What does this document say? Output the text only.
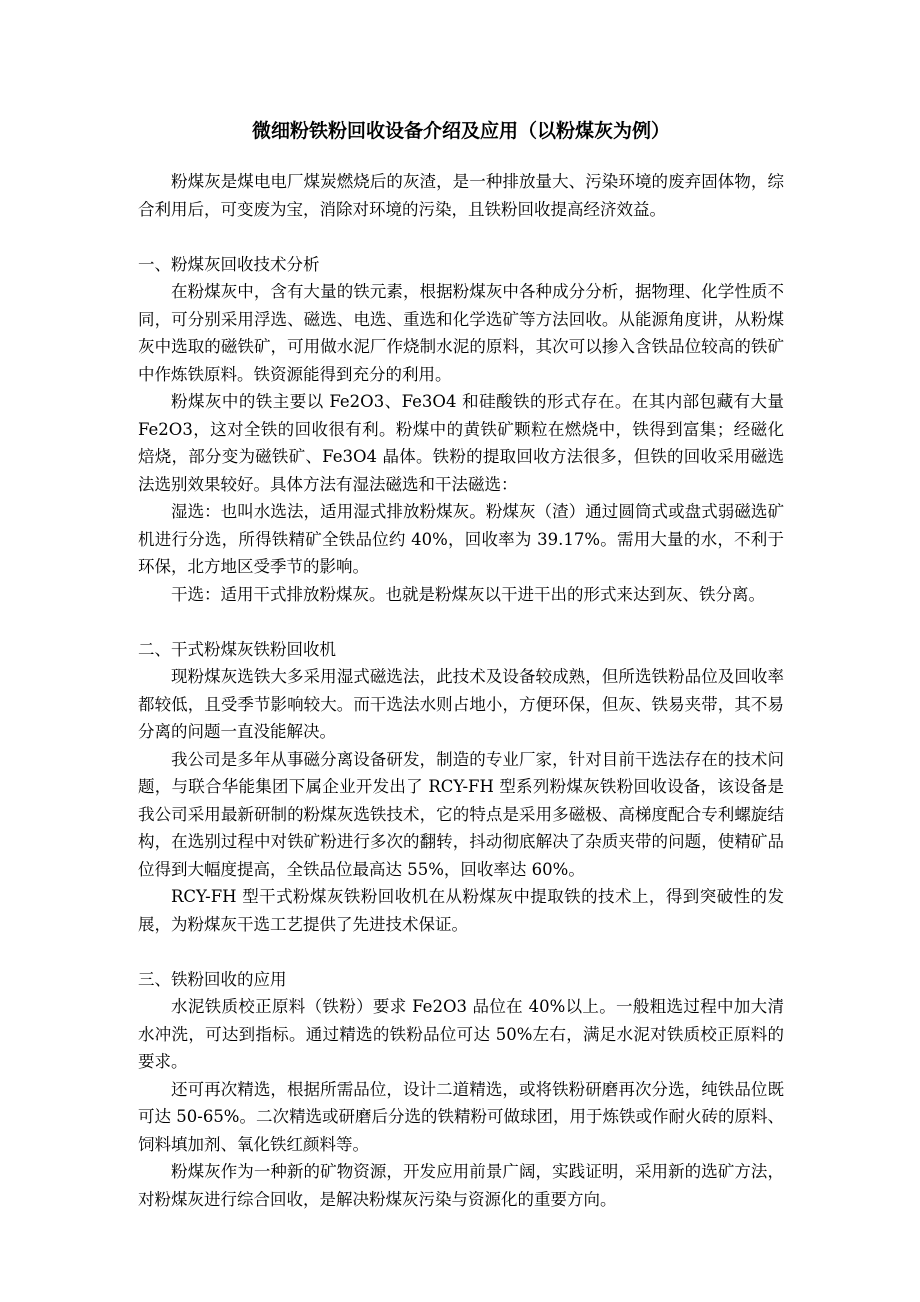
微细粉铁粉回收设备介绍及应用（以粉煤灰为例）

粉煤灰是煤电电厂煤炭燃烧后的灰渣，是一种排放量大、污染环境的废弃固体物，综合利用后，可变废为宝，消除对环境的污染，且铁粉回收提高经济效益。

一、粉煤灰回收技术分析

在粉煤灰中，含有大量的铁元素，根据粉煤灰中各种成分分析，据物理、化学性质不同，可分别采用浮选、磁选、电选、重选和化学选矿等方法回收。从能源角度讲，从粉煤灰中选取的磁铁矿，可用做水泥厂作烧制水泥的原料，其次可以掺入含铁品位较高的铁矿中作炼铁原料。铁资源能得到充分的利用。

粉煤灰中的铁主要以 Fe2O3、Fe3O4 和硅酸铁的形式存在。在其内部包藏有大量 Fe2O3，这对全铁的回收很有利。粉煤中的黄铁矿颗粒在燃烧中，铁得到富集；经磁化焙烧，部分变为磁铁矿、Fe3O4 晶体。铁粉的提取回收方法很多，但铁的回收采用磁选法选别效果较好。具体方法有湿法磁选和干法磁选：

湿选：也叫水选法，适用湿式排放粉煤灰。粉煤灰（渣）通过圆筒式或盘式弱磁选矿机进行分选，所得铁精矿全铁品位约 40%，回收率为 39.17%。需用大量的水，不利于环保，北方地区受季节的影响。

干选：适用干式排放粉煤灰。也就是粉煤灰以干进干出的形式来达到灰、铁分离。

二、干式粉煤灰铁粉回收机

现粉煤灰选铁大多采用湿式磁选法，此技术及设备较成熟，但所选铁粉品位及回收率都较低，且受季节影响较大。而干选法水则占地小，方便环保，但灰、铁易夹带，其不易分离的问题一直没能解决。

我公司是多年从事磁分离设备研发，制造的专业厂家，针对目前干选法存在的技术问题，与联合华能集团下属企业开发出了 RCY-FH 型系列粉煤灰铁粉回收设备，该设备是我公司采用最新研制的粉煤灰选铁技术，它的特点是采用多磁极、高梯度配合专利螺旋结构，在选别过程中对铁矿粉进行多次的翻转，抖动彻底解决了杂质夹带的问题，使精矿品位得到大幅度提高，全铁品位最高达 55%，回收率达 60%。

RCY-FH 型干式粉煤灰铁粉回收机在从粉煤灰中提取铁的技术上，得到突破性的发展，为粉煤灰干选工艺提供了先进技术保证。

三、铁粉回收的应用

水泥铁质校正原料（铁粉）要求 Fe2O3 品位在 40%以上。一般粗选过程中加大清水冲洗，可达到指标。通过精选的铁粉品位可达 50%左右，满足水泥对铁质校正原料的要求。

还可再次精选，根据所需品位，设计二道精选，或将铁粉研磨再次分选，纯铁品位既可达 50-65%。二次精选或研磨后分选的铁精粉可做球团，用于炼铁或作耐火砖的原料、饲料填加剂、氧化铁红颜料等。

粉煤灰作为一种新的矿物资源，开发应用前景广阔，实践证明，采用新的选矿方法，对粉煤灰进行综合回收，是解决粉煤灰污染与资源化的重要方向。
